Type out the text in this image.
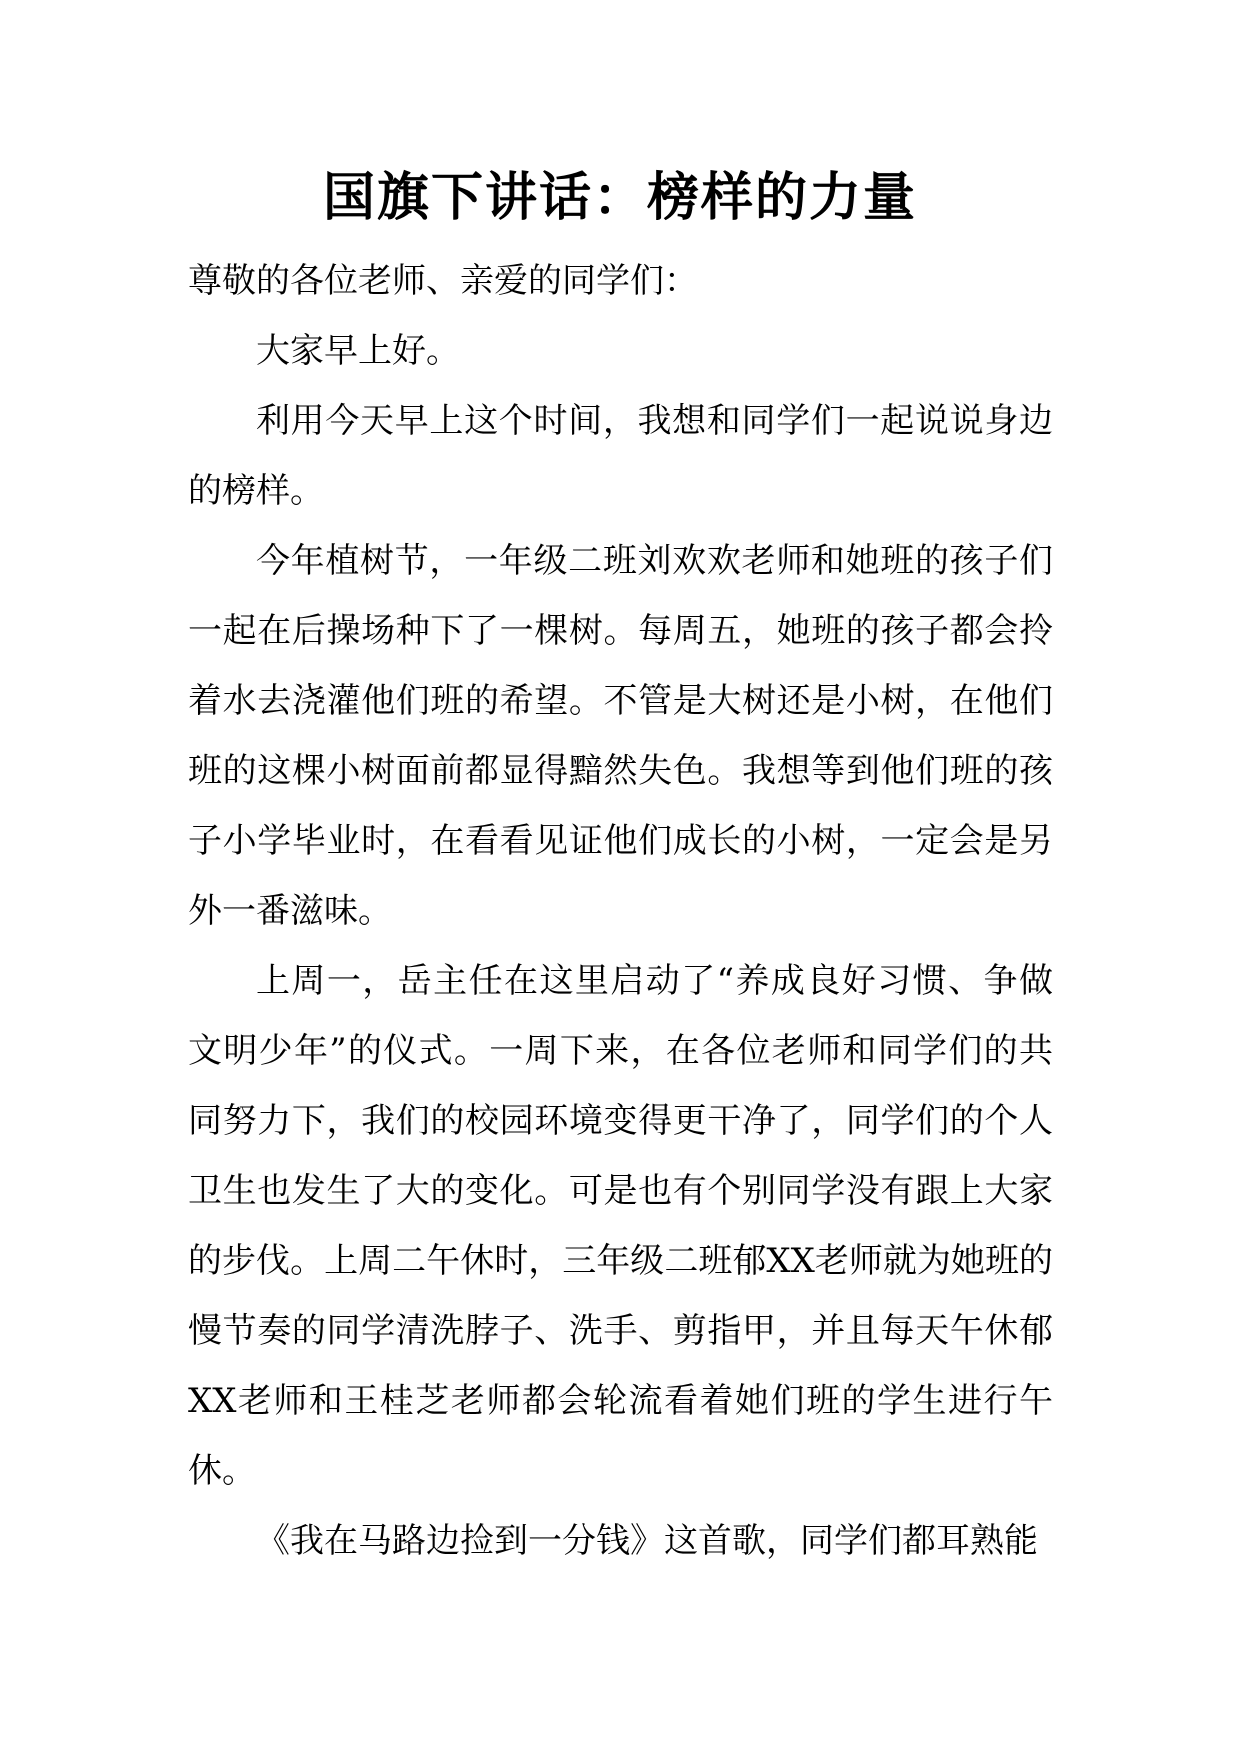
国旗下讲话：榜样的力量

尊敬的各位老师、亲爱的同学们：

大家早上好。

利用今天早上这个时间，我想和同学们一起说说身边的榜样。

今年植树节，一年级二班刘欢欢老师和她班的孩子们一起在后操场种下了一棵树。每周五，她班的孩子都会拎着水去浇灌他们班的希望。不管是大树还是小树，在他们班的这棵小树面前都显得黯然失色。我想等到他们班的孩子小学毕业时，在看看见证他们成长的小树，一定会是另外一番滋味。

上周一，岳主任在这里启动了“养成良好习惯、争做文明少年”的仪式。一周下来，在各位老师和同学们的共同努力下，我们的校园环境变得更干净了，同学们的个人卫生也发生了大的变化。可是也有个别同学没有跟上大家的步伐。上周二午休时，三年级二班郁XX老师就为她班的慢节奏的同学清洗脖子、洗手、剪指甲，并且每天午休郁XX老师和王桂芝老师都会轮流看着她们班的学生进行午休。

《我在马路边捡到一分钱》这首歌，同学们都耳熟能
